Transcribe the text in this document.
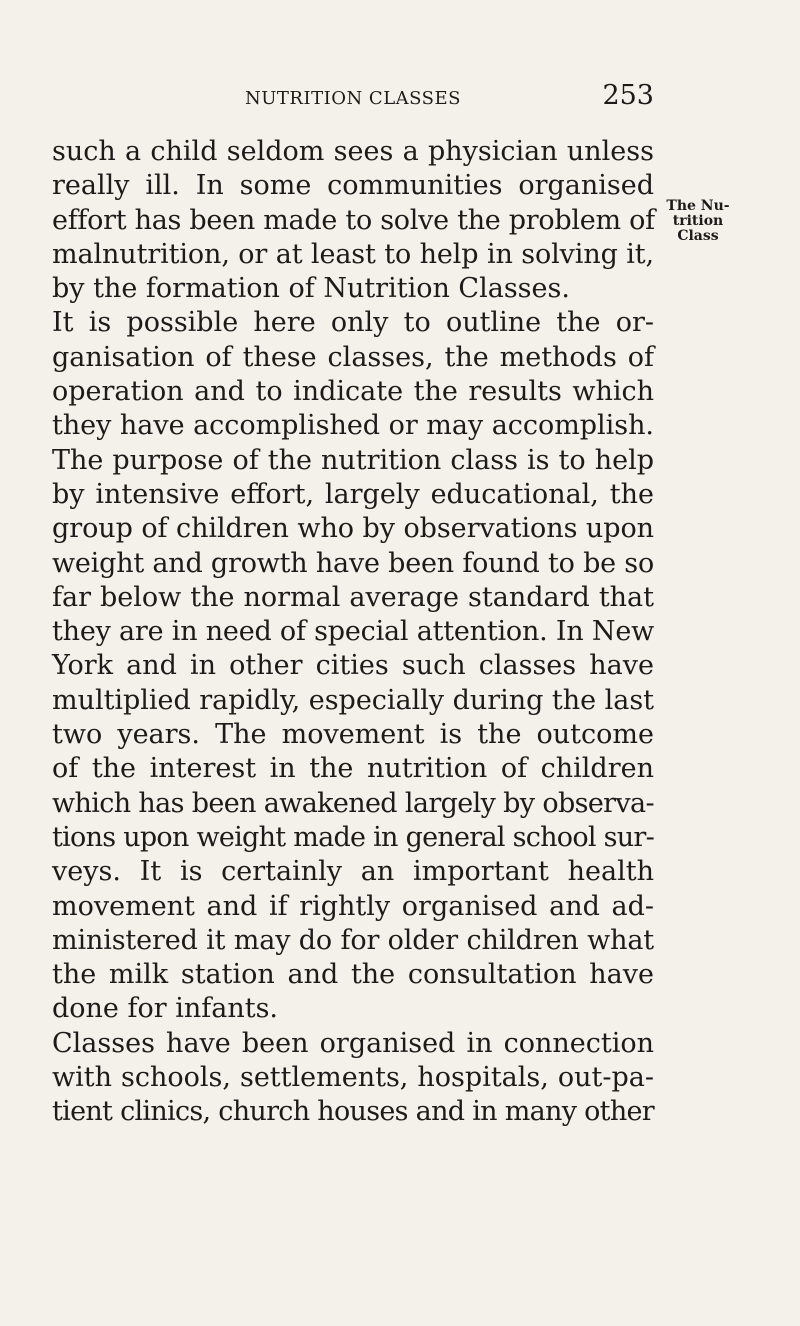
NUTRITION CLASSES	253
The Nu-
trition
Class
such a child seldom sees a physician unless
really ill. In some communities organised
effort has been made to solve the problem of
malnutrition, or at least to help in solving it,
by the formation of Nutrition Classes.
It is possible here only to outline the or-
ganisation of these classes, the methods of
operation and to indicate the results which
they have accomplished or may accomplish.
The purpose of the nutrition class is to help
by intensive effort, largely educational, the
group of children who by observations upon
weight and growth have been found to be so
far below the normal average standard that
they are in need of special attention. In New
York and in other cities such classes have
multiplied rapidly, especially during the last
two years. The movement is the outcome
of the interest in the nutrition of children
which has been awakened largely by observa-
tions upon weight made in general school sur-
veys. It is certainly an important health
movement and if rightly organised and ad-
ministered it may do for older children what
the milk station and the consultation have
done for infants.
Classes have been organised in connection
with schools, settlements, hospitals, out-pa-
tient clinics, church houses and in many other
